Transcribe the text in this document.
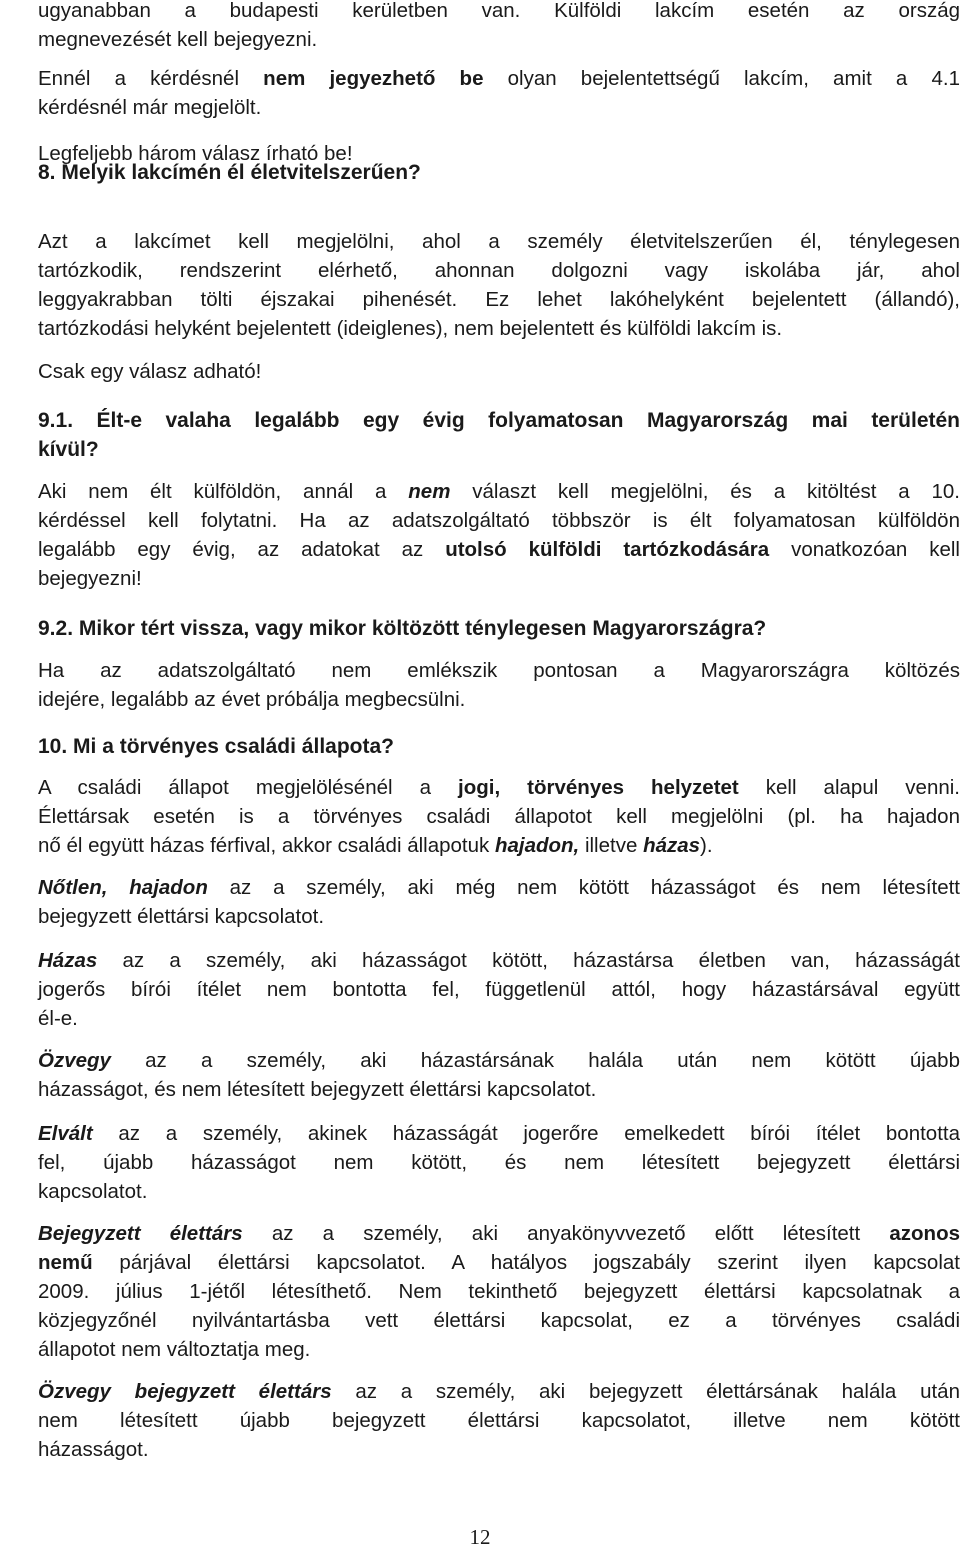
ugyanabban a budapesti kerületben van. Külföldi lakcím esetén az ország
megnevezését kell bejegyezni.
Ennél a kérdésnél nem jegyezhető be olyan bejelentettségű lakcím, amit a 4.1
kérdésnél már megjelölt.
Legfeljebb három válasz írható be!
8. Melyik lakcímén él életvitelszerűen?
Azt a lakcímet kell megjelölni, ahol a személy életvitelszerűen él, ténylegesen
tartózkodik, rendszerint elérhető, ahonnan dolgozni vagy iskolába jár, ahol
leggyakrabban tölti éjszakai pihenését. Ez lehet lakóhelyként bejelentett (állandó),
tartózkodási helyként bejelentett (ideiglenes), nem bejelentett és külföldi lakcím is.
Csak egy válasz adható!
9.1. Élt-e valaha legalább egy évig folyamatosan Magyarország mai területén
kívül?
Aki nem élt külföldön, annál a nem választ kell megjelölni, és a kitöltést a 10.
kérdéssel kell folytatni. Ha az adatszolgáltató többször is élt folyamatosan külföldön
legalább egy évig, az adatokat az utolsó külföldi tartózkodására vonatkozóan kell
bejegyezni!
9.2. Mikor tért vissza, vagy mikor költözött ténylegesen Magyarországra?
Ha az adatszolgáltató nem emlékszik pontosan a Magyarországra költözés
idejére, legalább az évet próbálja megbecsülni.
10. Mi a törvényes családi állapota?
A családi állapot megjelölésénél a jogi, törvényes helyzetet kell alapul venni.
Élettársak esetén is a törvényes családi állapotot kell megjelölni (pl. ha hajadon
nő él együtt házas férfival, akkor családi állapotuk hajadon, illetve házas).
Nőtlen, hajadon az a személy, aki még nem kötött házasságot és nem létesített
bejegyzett élettársi kapcsolatot.
Házas az a személy, aki házasságot kötött, házastársa életben van, házasságát
jogerős bírói ítélet nem bontotta fel, függetlenül attól, hogy házastársával együtt
él-e.
Özvegy az a személy, aki házastársának halála után nem kötött újabb
házasságot, és nem létesített bejegyzett élettársi kapcsolatot.
Elvált az a személy, akinek házasságát jogerőre emelkedett bírói ítélet bontotta
fel, újabb házasságot nem kötött, és nem létesített bejegyzett élettársi
kapcsolatot.
Bejegyzett élettárs az a személy, aki anyakönyvvezető előtt létesített azonos
nemű párjával élettársi kapcsolatot. A hatályos jogszabály szerint ilyen kapcsolat
2009. július 1-jétől létesíthető. Nem tekinthető bejegyzett élettársi kapcsolatnak a
közjegyzőnél nyilvántartásba vett élettársi kapcsolat, ez a törvényes családi
állapotot nem változtatja meg.
Özvegy bejegyzett élettárs az a személy, aki bejegyzett élettársának halála után
nem létesített újabb bejegyzett élettársi kapcsolatot, illetve nem kötött
házasságot.
12
